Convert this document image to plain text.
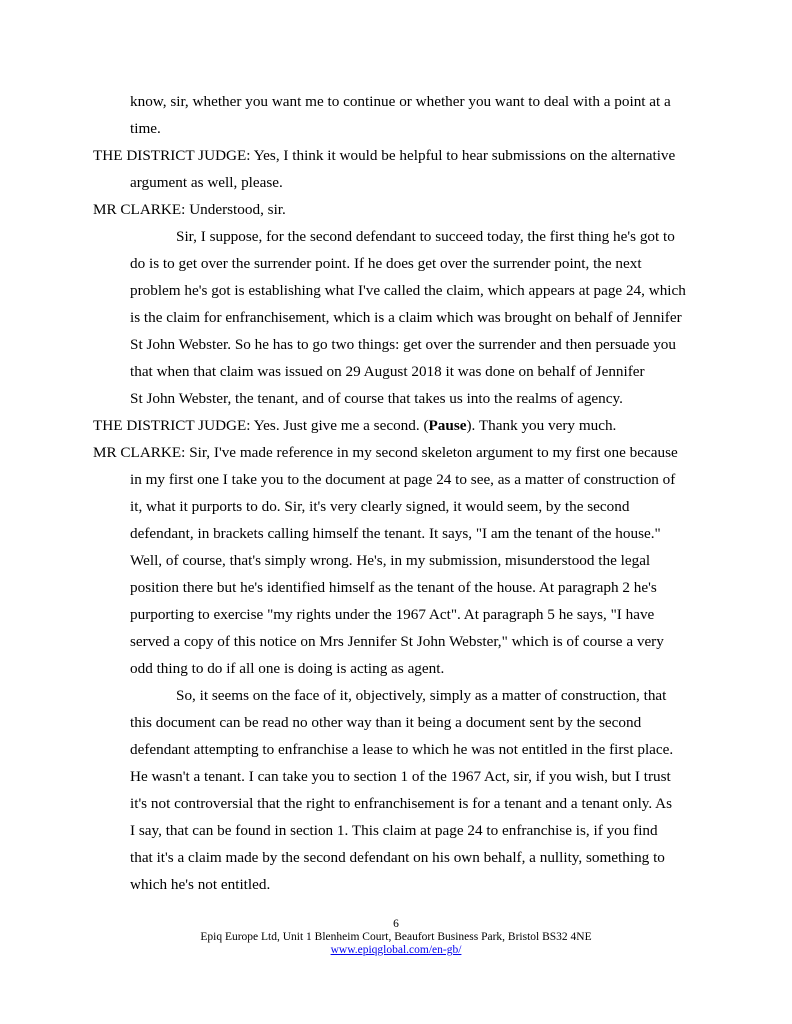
know, sir, whether you want me to continue or whether you want to deal with a point at a
time.
THE DISTRICT JUDGE: Yes, I think it would be helpful to hear submissions on the alternative
argument as well, please.
MR CLARKE: Understood, sir.
Sir, I suppose, for the second defendant to succeed today, the first thing he's got to
do is to get over the surrender point. If he does get over the surrender point, the next
problem he's got is establishing what I've called the claim, which appears at page 24, which
is the claim for enfranchisement, which is a claim which was brought on behalf of Jennifer
St John Webster. So he has to go two things: get over the surrender and then persuade you
that when that claim was issued on 29 August 2018 it was done on behalf of Jennifer
St John Webster, the tenant, and of course that takes us into the realms of agency.
THE DISTRICT JUDGE: Yes. Just give me a second. (Pause). Thank you very much.
MR CLARKE: Sir, I've made reference in my second skeleton argument to my first one because
in my first one I take you to the document at page 24 to see, as a matter of construction of
it, what it purports to do. Sir, it's very clearly signed, it would seem, by the second
defendant, in brackets calling himself the tenant. It says, "I am the tenant of the house."
Well, of course, that's simply wrong. He's, in my submission, misunderstood the legal
position there but he's identified himself as the tenant of the house. At paragraph 2 he's
purporting to exercise "my rights under the 1967 Act". At paragraph 5 he says, "I have
served a copy of this notice on Mrs Jennifer St John Webster," which is of course a very
odd thing to do if all one is doing is acting as agent.
So, it seems on the face of it, objectively, simply as a matter of construction, that
this document can be read no other way than it being a document sent by the second
defendant attempting to enfranchise a lease to which he was not entitled in the first place.
He wasn't a tenant. I can take you to section 1 of the 1967 Act, sir, if you wish, but I trust
it's not controversial that the right to enfranchisement is for a tenant and a tenant only. As
I say, that can be found in section 1. This claim at page 24 to enfranchise is, if you find
that it's a claim made by the second defendant on his own behalf, a nullity, something to
which he's not entitled.
6
Epiq Europe Ltd, Unit 1 Blenheim Court, Beaufort Business Park, Bristol BS32 4NE
www.epiqglobal.com/en-gb/
